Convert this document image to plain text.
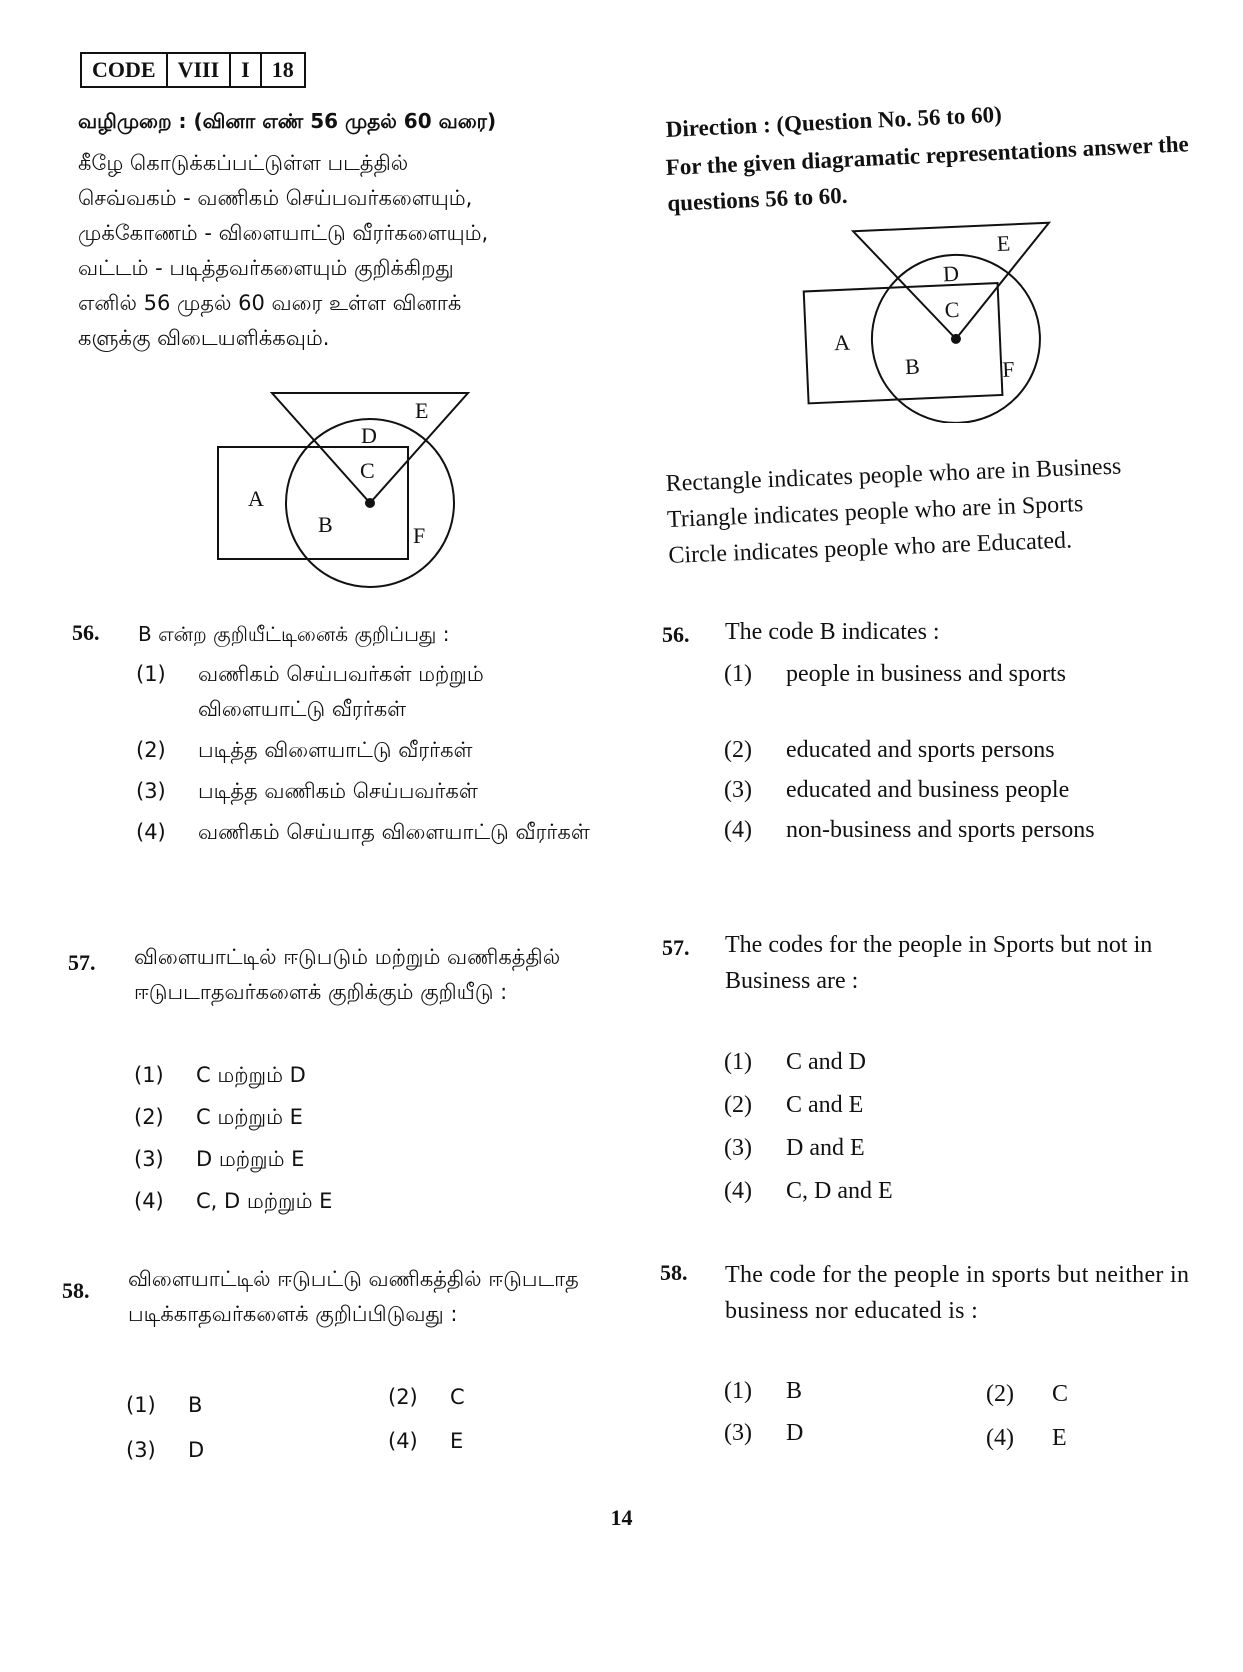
CODE	VIII	I	18
வழிமுறை : (வினா எண் 56 முதல் 60 வரை)
கீழே கொடுக்கப்பட்டுள்ள படத்தில்
செவ்வகம் - வணிகம் செய்பவர்களையும்,
முக்கோணம் - விளையாட்டு வீரர்களையும்,
வட்டம் - படித்தவர்களையும் குறிக்கிறது
எனில் 56 முதல் 60 வரை உள்ள வினாக்
களுக்கு விடையளிக்கவும்.
A
B
C
D
E
F
56. B என்ற குறியீட்டினைக் குறிப்பது :
(1)	வணிகம் செய்பவர்கள் மற்றும் விளையாட்டு வீரர்கள்
(2)	படித்த விளையாட்டு வீரர்கள்
(3)	படித்த வணிகம் செய்பவர்கள்
(4)	வணிகம் செய்யாத விளையாட்டு வீரர்கள்
57. விளையாட்டில் ஈடுபடும் மற்றும் வணிகத்தில் ஈடுபடாதவர்களைக் குறிக்கும் குறியீடு :
(1)	C மற்றும் D
(2)	C மற்றும் E
(3)	D மற்றும் E
(4)	C, D மற்றும் E
58. விளையாட்டில் ஈடுபட்டு வணிகத்தில் ஈடுபடாத படிக்காதவர்களைக் குறிப்பிடுவது :
(1) B	(2) C
(3) D	(4) E
Direction : (Question No. 56 to 60)
For the given diagramatic representations answer the questions 56 to 60.
A
B
C
D
E
F
Rectangle indicates people who are in Business
Triangle indicates people who are in Sports
Circle indicates people who are Educated.
56. The code B indicates :
(1)	people in business and sports
(2)	educated and sports persons
(3)	educated and business people
(4)	non-business and sports persons
57. The codes for the people in Sports but not in Business are :
(1)	C and D
(2)	C and E
(3)	D and E
(4)	C, D and E
58. The code for the people in sports but neither in business nor educated is :
(1) B	(2) C
(3) D	(4) E
14
